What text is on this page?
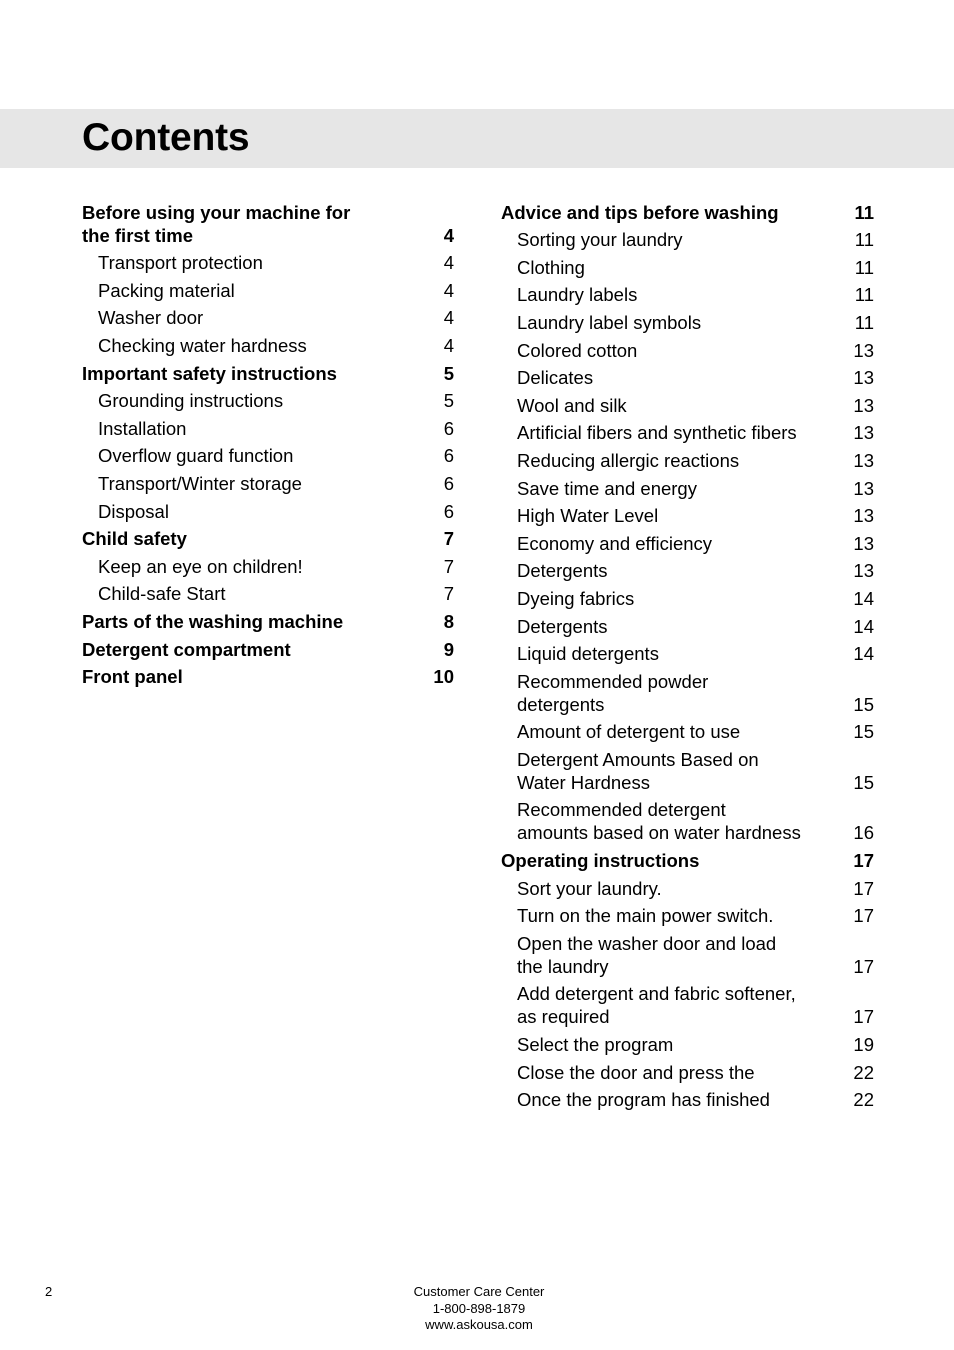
Contents
Before using your machine for
the first time	4
Transport protection	4
Packing material	4
Washer door	4
Checking water hardness	4
Important safety instructions	5
Grounding instructions	5
Installation	6
Overflow guard function	6
Transport/Winter storage	6
Disposal	6
Child safety	7
Keep an eye on children!	7
Child-safe Start	7
Parts of the washing machine	8
Detergent compartment	9
Front panel	10
Advice and tips before washing	11
Sorting your laundry	11
Clothing	11
Laundry labels	11
Laundry label symbols	11
Colored cotton	13
Delicates	13
Wool and silk	13
Artificial fibers and synthetic fibers	13
Reducing allergic reactions	13
Save time and energy	13
High Water Level	13
Economy and efficiency	13
Detergents	13
Dyeing fabrics	14
Detergents	14
Liquid detergents	14
Recommended powder
detergents	15
Amount of detergent to use	15
Detergent Amounts Based on
Water Hardness	15
Recommended detergent
amounts based on water hardness	16
Operating instructions	17
Sort your laundry.	17
Turn on the main power switch.	17
Open the washer door and load
the laundry	17
Add detergent and fabric softener,
as required	17
Select the program	19
Close the door and press the	22
Once the program has finished	22
2	Customer Care Center
1-800-898-1879
www.askousa.com
